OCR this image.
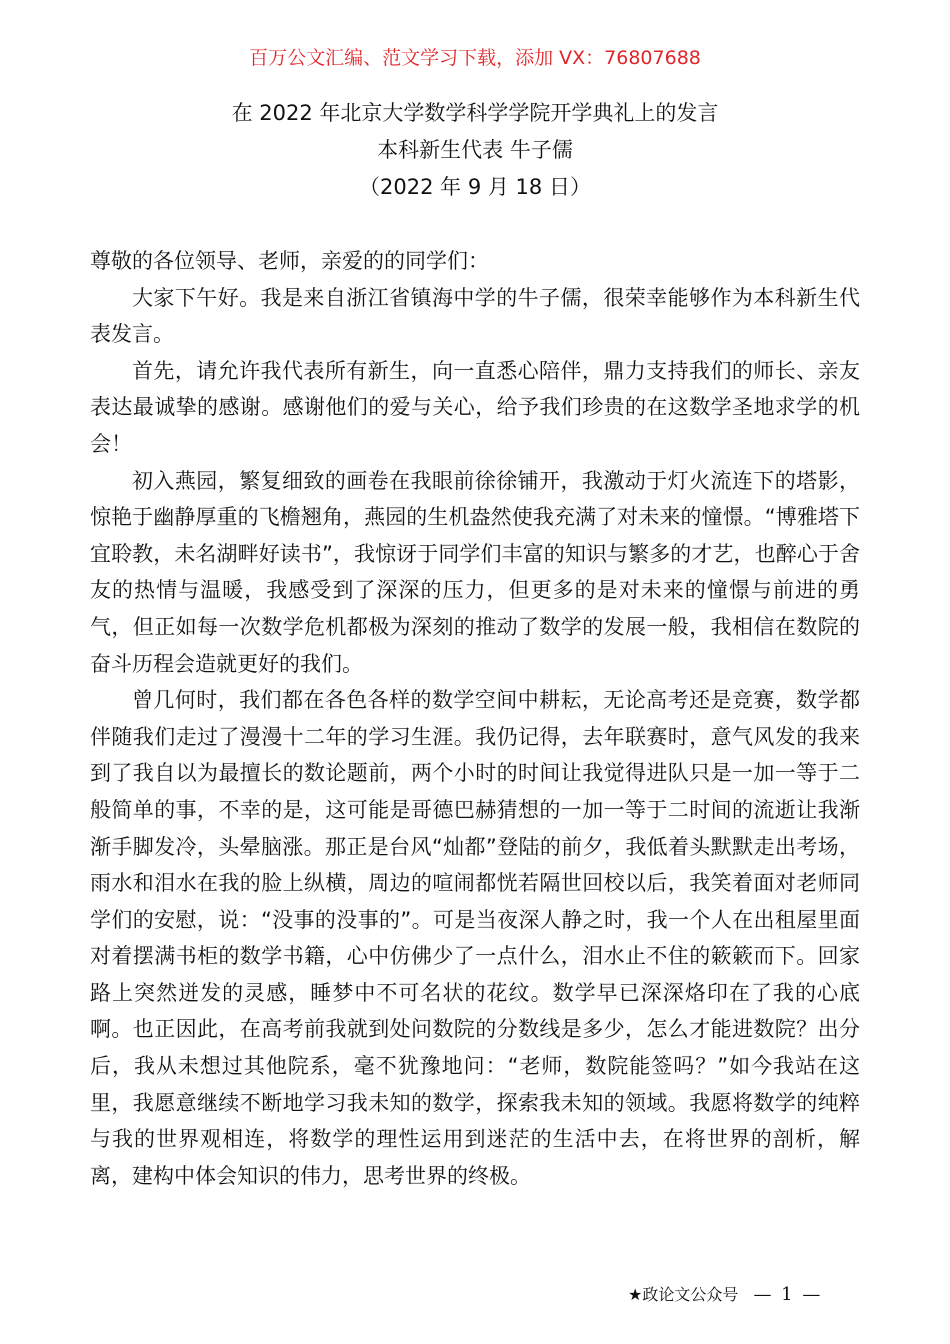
百万公文汇编、范文学习下载，添加 VX：76807688
在 2022 年北京大学数学科学学院开学典礼上的发言
本科新生代表 牛子儒
（2022 年 9 月 18 日）

尊敬的各位领导、老师，亲爱的的同学们：

大家下午好。我是来自浙江省镇海中学的牛子儒，很荣幸能够作为本科新生代表发言。

首先，请允许我代表所有新生，向一直悉心陪伴，鼎力支持我们的师长、亲友表达最诚挚的感谢。感谢他们的爱与关心，给予我们珍贵的在这数学圣地求学的机会！

初入燕园，繁复细致的画卷在我眼前徐徐铺开，我激动于灯火流连下的塔影，惊艳于幽静厚重的飞檐翘角，燕园的生机盎然使我充满了对未来的憧憬。“博雅塔下宜聆教，未名湖畔好读书”，我惊讶于同学们丰富的知识与繁多的才艺，也醉心于舍友的热情与温暖，我感受到了深深的压力，但更多的是对未来的憧憬与前进的勇气，但正如每一次数学危机都极为深刻的推动了数学的发展一般，我相信在数院的奋斗历程会造就更好的我们。

曾几何时，我们都在各色各样的数学空间中耕耘，无论高考还是竞赛，数学都伴随我们走过了漫漫十二年的学习生涯。我仍记得，去年联赛时，意气风发的我来到了我自以为最擅长的数论题前，两个小时的时间让我觉得进队只是一加一等于二般简单的事，不幸的是，这可能是哥德巴赫猜想的一加一等于二时间的流逝让我渐渐手脚发冷，头晕脑涨。那正是台风“灿都”登陆的前夕，我低着头默默走出考场，雨水和泪水在我的脸上纵横，周边的喧闹都恍若隔世回校以后，我笑着面对老师同学们的安慰，说：“没事的没事的”。可是当夜深人静之时，我一个人在出租屋里面对着摆满书柜的数学书籍，心中仿佛少了一点什么，泪水止不住的簌簌而下。回家路上突然迸发的灵感，睡梦中不可名状的花纹。数学早已深深烙印在了我的心底啊。也正因此，在高考前我就到处问数院的分数线是多少，怎么才能进数院？出分后，我从未想过其他院系，毫不犹豫地问：“老师，数院能签吗？”如今我站在这里，我愿意继续不断地学习我未知的数学，探索我未知的领域。我愿将数学的纯粹与我的世界观相连，将数学的理性运用到迷茫的生活中去，在将世界的剖析，解离，建构中体会知识的伟力，思考世界的终极。

★政论文公众号 — 1 —
